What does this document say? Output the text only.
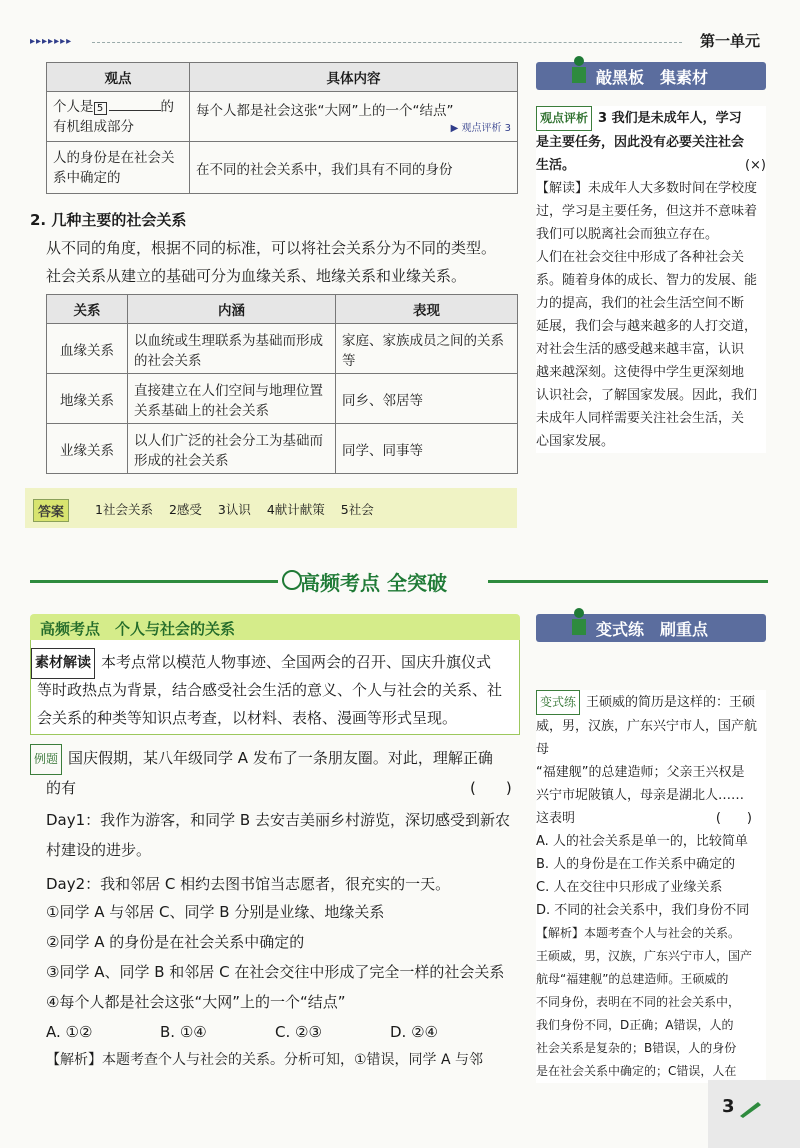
▸▸▸▸▸▸▸	第一单元
观点	具体内容
个人是 5 的有机组成部分	每个人都是社会这张“大网”上的一个“结点”
▶ 观点评析 3

人的身份是在社会关系中确定的	在不同的社会关系中，我们具有不同的身份
2. 几种主要的社会关系
从不同的角度，根据不同的标准，可以将社会关系分为不同的类型。
社会关系从建立的基础可分为血缘关系、地缘关系和业缘关系。
关系	内涵	表现
血缘关系	以血统或生理联系为基础而形成的社会关系	家庭、家族成员之间的关系等
地缘关系	直接建立在人们空间与地理位置关系基础上的社会关系	同乡、邻居等
业缘关系	以人们广泛的社会分工为基础而形成的社会关系	同学、同事等
答案	1社会关系 2感受 3认识 4献计献策 5社会
高频考点 全突破
高频考点　个人与社会的关系
素材解读 本考点常以模范人物事迹、全国两会的召开、国庆升旗仪式
等时政热点为背景，结合感受社会生活的意义、个人与社会的关系、社
会关系的种类等知识点考查，以材料、表格、漫画等形式呈现。
例题 国庆假期，某八年级同学 A 发布了一条朋友圈。对此，理解正确
的有	(　　)
Day1：我作为游客，和同学 B 去安吉美丽乡村游览，深切感受到新农
村建设的进步。
Day2：我和邻居 C 相约去图书馆当志愿者，很充实的一天。
①同学 A 与邻居 C、同学 B 分别是业缘、地缘关系
②同学 A 的身份是在社会关系中确定的
③同学 A、同学 B 和邻居 C 在社会交往中形成了完全一样的社会关系
④每个人都是社会这张“大网”上的一个“结点”
A. ①②	B. ①④	C. ②③	D. ②④
【解析】本题考查个人与社会的关系。分析可知，①错误，同学 A 与邻
敲黑板　集素材

观点评析 3 我们是未成年人，学习

是主要任务，因此没有必要关注社会

生活。	(×)

【解读】未成年人大多数时间在学校度

过，学习是主要任务，但这并不意味着

我们可以脱离社会而独立存在。

人们在社会交往中形成了各种社会关

系。随着身体的成长、智力的发展、能

力的提高，我们的社会生活空间不断

延展，我们会与越来越多的人打交道，

对社会生活的感受越来越丰富，认识

越来越深刻。这使得中学生更深刻地

认识社会，了解国家发展。因此，我们

未成年人同样需要关注社会生活，关

心国家发展。

变式练　刷重点

变式练 王硕威的简历是这样的：王硕

威，男，汉族，广东兴宁市人，国产航母

“福建舰”的总建造师；父亲王兴权是

兴宁市坭陂镇人，母亲是湖北人……

这表明	(　　)

A. 人的社会关系是单一的，比较简单

B. 人的身份是在工作关系中确定的

C. 人在交往中只形成了业缘关系

D. 不同的社会关系中，我们身份不同

【解析】本题考查个人与社会的关系。

王硕威，男，汉族，广东兴宁市人，国产

航母“福建舰”的总建造师。王硕威的

不同身份，表明在不同的社会关系中，

我们身份不同，D正确；A错误，人的

社会关系是复杂的；B错误，人的身份

是在社会关系中确定的；C错误，人在

3
